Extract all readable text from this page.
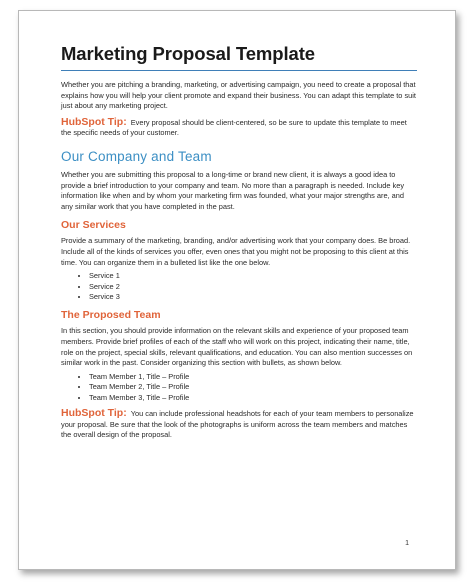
Marketing Proposal Template

Whether you are pitching a branding, marketing, or advertising campaign, you need to create a proposal that explains how you will help your client promote and expand their business. You can adapt this template to suit just about any marketing project.

HubSpot Tip: Every proposal should be client-centered, so be sure to update this template to meet the specific needs of your customer.

Our Company and Team

Whether you are submitting this proposal to a long-time or brand new client, it is always a good idea to provide a brief introduction to your company and team. No more than a paragraph is needed. Include key information like when and by whom your marketing firm was founded, what your major strengths are, and any similar work that you have completed in the past.

Our Services

Provide a summary of the marketing, branding, and/or advertising work that your company does. Be broad. Include all of the kinds of services you offer, even ones that you might not be proposing to this client at this time. You can organize them in a bulleted list like the one below.

• Service 1
• Service 2
• Service 3
The Proposed Team

In this section, you should provide information on the relevant skills and experience of your proposed team members. Provide brief profiles of each of the staff who will work on this project, indicating their name, title, role on the project, special skills, relevant qualifications, and education. You can also mention successes on similar work in the past. Consider organizing this section with bullets, as shown below.

• Team Member 1, Title – Profile
• Team Member 2, Title – Profile
• Team Member 3, Title – Profile

HubSpot Tip: You can include professional headshots for each of your team members to personalize your proposal. Be sure that the look of the photographs is uniform across the team members and matches the overall design of the proposal.

1
